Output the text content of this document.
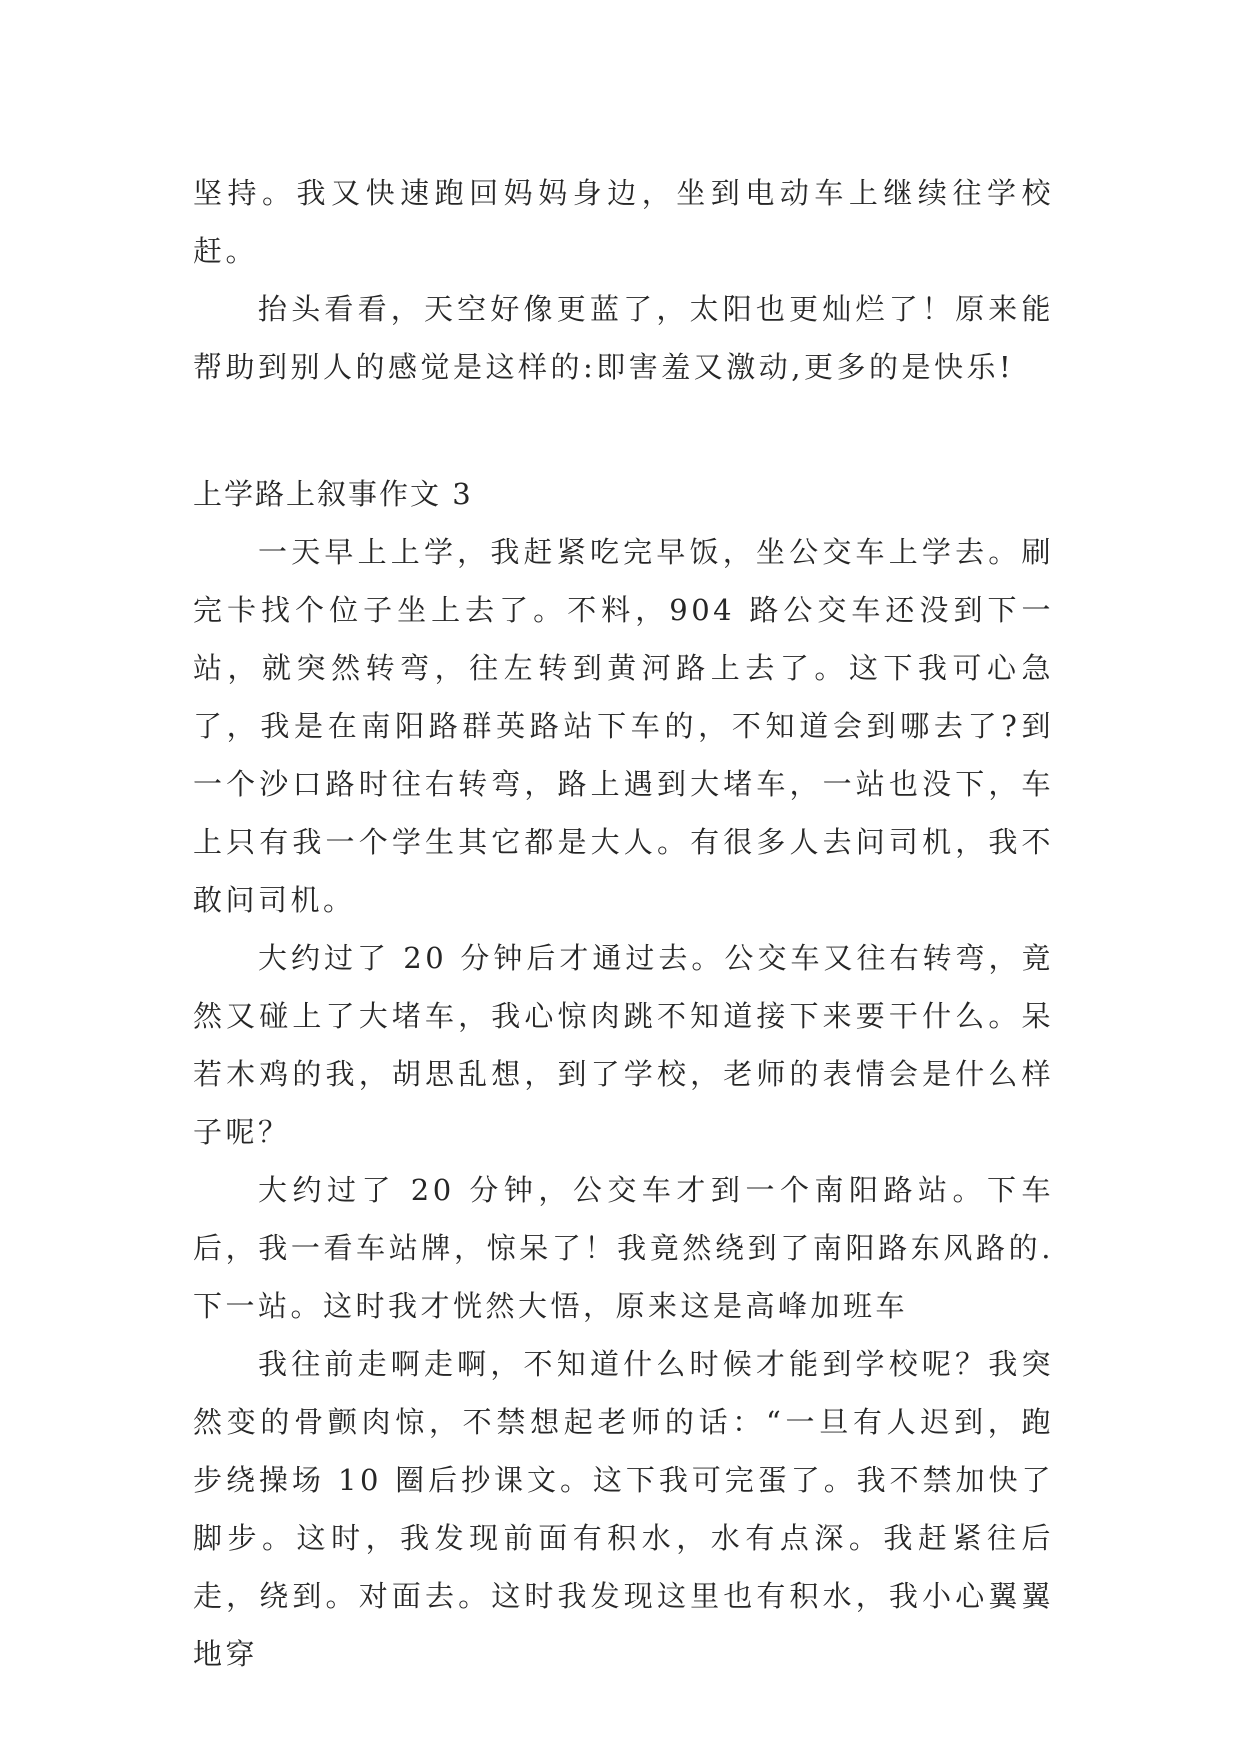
坚持。我又快速跑回妈妈身边，坐到电动车上继续往学校赶。

抬头看看，天空好像更蓝了，太阳也更灿烂了！原来能帮助到别人的感觉是这样的:即害羞又激动,更多的是快乐!

上学路上叙事作文 3

一天早上上学，我赶紧吃完早饭，坐公交车上学去。刷完卡找个位子坐上去了。不料，904 路公交车还没到下一站，就突然转弯，往左转到黄河路上去了。这下我可心急了，我是在南阳路群英路站下车的，不知道会到哪去了?到一个沙口路时往右转弯，路上遇到大堵车，一站也没下，车上只有我一个学生其它都是大人。有很多人去问司机，我不敢问司机。

大约过了 20 分钟后才通过去。公交车又往右转弯，竟然又碰上了大堵车，我心惊肉跳不知道接下来要干什么。呆若木鸡的我，胡思乱想，到了学校，老师的表情会是什么样子呢？

大约过了 20 分钟，公交车才到一个南阳路站。下车后，我一看车站牌，惊呆了！我竟然绕到了南阳路东风路的.下一站。这时我才恍然大悟，原来这是高峰加班车

我往前走啊走啊，不知道什么时候才能到学校呢？我突然变的骨颤肉惊，不禁想起老师的话：“一旦有人迟到，跑步绕操场 10 圈后抄课文。这下我可完蛋了。我不禁加快了脚步。这时，我发现前面有积水，水有点深。我赶紧往后走，绕到。对面去。这时我发现这里也有积水，我小心翼翼地穿
